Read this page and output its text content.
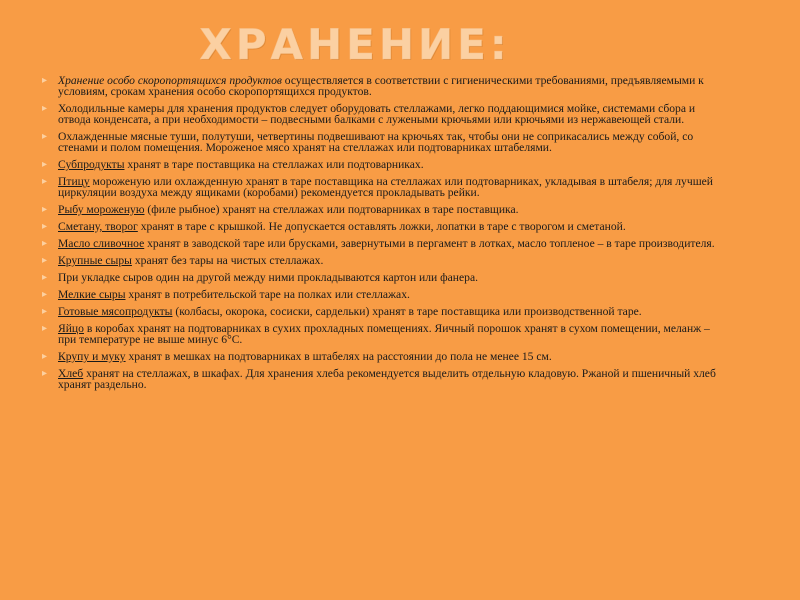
ХРАНЕНИЕ:
▸ Хранение особо скоропортящихся продуктов осуществляется в соответствии с гигиеническими требованиями, предъявляемыми к условиям, срокам хранения особо скоропортящихся продуктов.
▸ Холодильные камеры для хранения продуктов следует оборудовать стеллажами, легко поддающимися мойке, системами сбора и отвода конденсата, а при необходимости – подвесными балками с лужеными крючьями или крючьями из нержавеющей стали.
▸ Охлажденные мясные туши, полутуши, четвертины подвешивают на крючьях так, чтобы они не соприкасались между собой, со стенами и полом помещения. Мороженое мясо хранят на стеллажах или подтоварниках штабелями.
▸ Субпродукты хранят в таре поставщика на стеллажах или подтоварниках.
▸ Птицу мороженую или охлажденную хранят в таре поставщика на стеллажах или подтоварниках, укладывая в штабеля; для лучшей циркуляции воздуха между ящиками (коробами) рекомендуется прокладывать рейки.
▸ Рыбу мороженую (филе рыбное) хранят на стеллажах или подтоварниках в таре поставщика.
▸ Сметану, творог хранят в таре с крышкой. Не допускается оставлять ложки, лопатки в таре с творогом и сметаной.
▸ Масло сливочное хранят в заводской таре или брусками, завернутыми в пергамент в лотках, масло топленое – в таре производителя.
▸ Крупные сыры хранят без тары на чистых стеллажах.
▸ При укладке сыров один на другой между ними прокладываются картон или фанера.
▸ Мелкие сыры хранят в потребительской таре на полках или стеллажах.
▸ Готовые мясопродукты (колбасы, окорока, сосиски, сардельки) хранят в таре поставщика или производственной таре.
▸ Яйцо в коробах хранят на подтоварниках в сухих прохладных помещениях. Яичный порошок хранят в сухом помещении, меланж – при температуре не выше минус 6°С.
▸ Крупу и муку хранят в мешках на подтоварниках в штабелях на расстоянии до пола не менее 15 см.
▸ Хлеб хранят на стеллажах, в шкафах. Для хранения хлеба рекомендуется выделить отдельную кладовую. Ржаной и пшеничный хлеб хранят раздельно.
